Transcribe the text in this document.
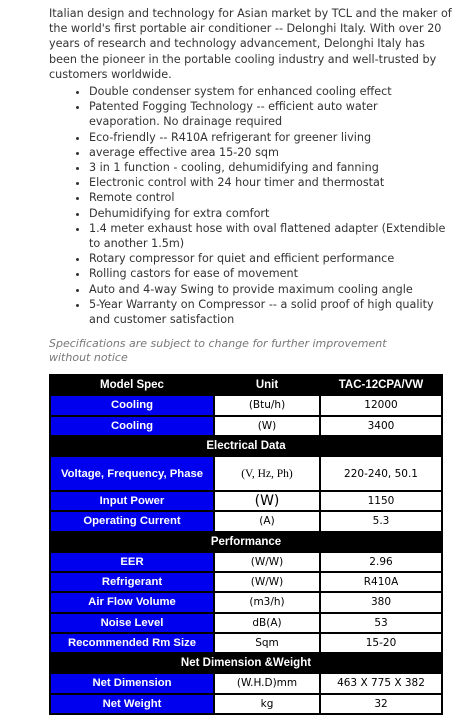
Italian design and technology for Asian market by TCL and the maker of the world's first portable air conditioner -- Delonghi Italy. With over 20 years of research and technology advancement, Delonghi Italy has been the pioneer in the portable cooling industry and well-trusted by customers worldwide.

• Double condenser system for enhanced cooling effect
• Patented Fogging Technology -- efficient auto water evaporation. No drainage required
• Eco-friendly -- R410A refrigerant for greener living
• average effective area 15-20 sqm
• 3 in 1 function - cooling, dehumidifying and fanning
• Electronic control with 24 hour timer and thermostat
• Remote control
• Dehumidifying for extra comfort
• 1.4 meter exhaust hose with oval flattened adapter (Extendible to another 1.5m)
• Rotary compressor for quiet and efficient performance
• Rolling castors for ease of movement
• Auto and 4-way Swing to provide maximum cooling angle
• 5-Year Warranty on Compressor -- a solid proof of high quality and customer satisfaction

Specifications are subject to change for further improvement without notice

Model Spec	Unit	TAC-12CPA/VW
Cooling	(Btu/h)	12000
Cooling	(W)	3400
Electrical Data		
Voltage, Frequency, Phase	(V, Hz, Ph)	220-240, 50.1
Input Power	(W)	1150
Operating Current	(A)	5.3
Performance		
EER	(W/W)	2.96
Refrigerant	(W/W)	R410A
Air Flow Volume	(m3/h)	380
Noise Level	dB(A)	53
Recommended Rm Size	Sqm	15-20
Net Dimension &Weight		
Net Dimension	(W.H.D)mm	463 X 775 X 382
Net Weight	kg	32
